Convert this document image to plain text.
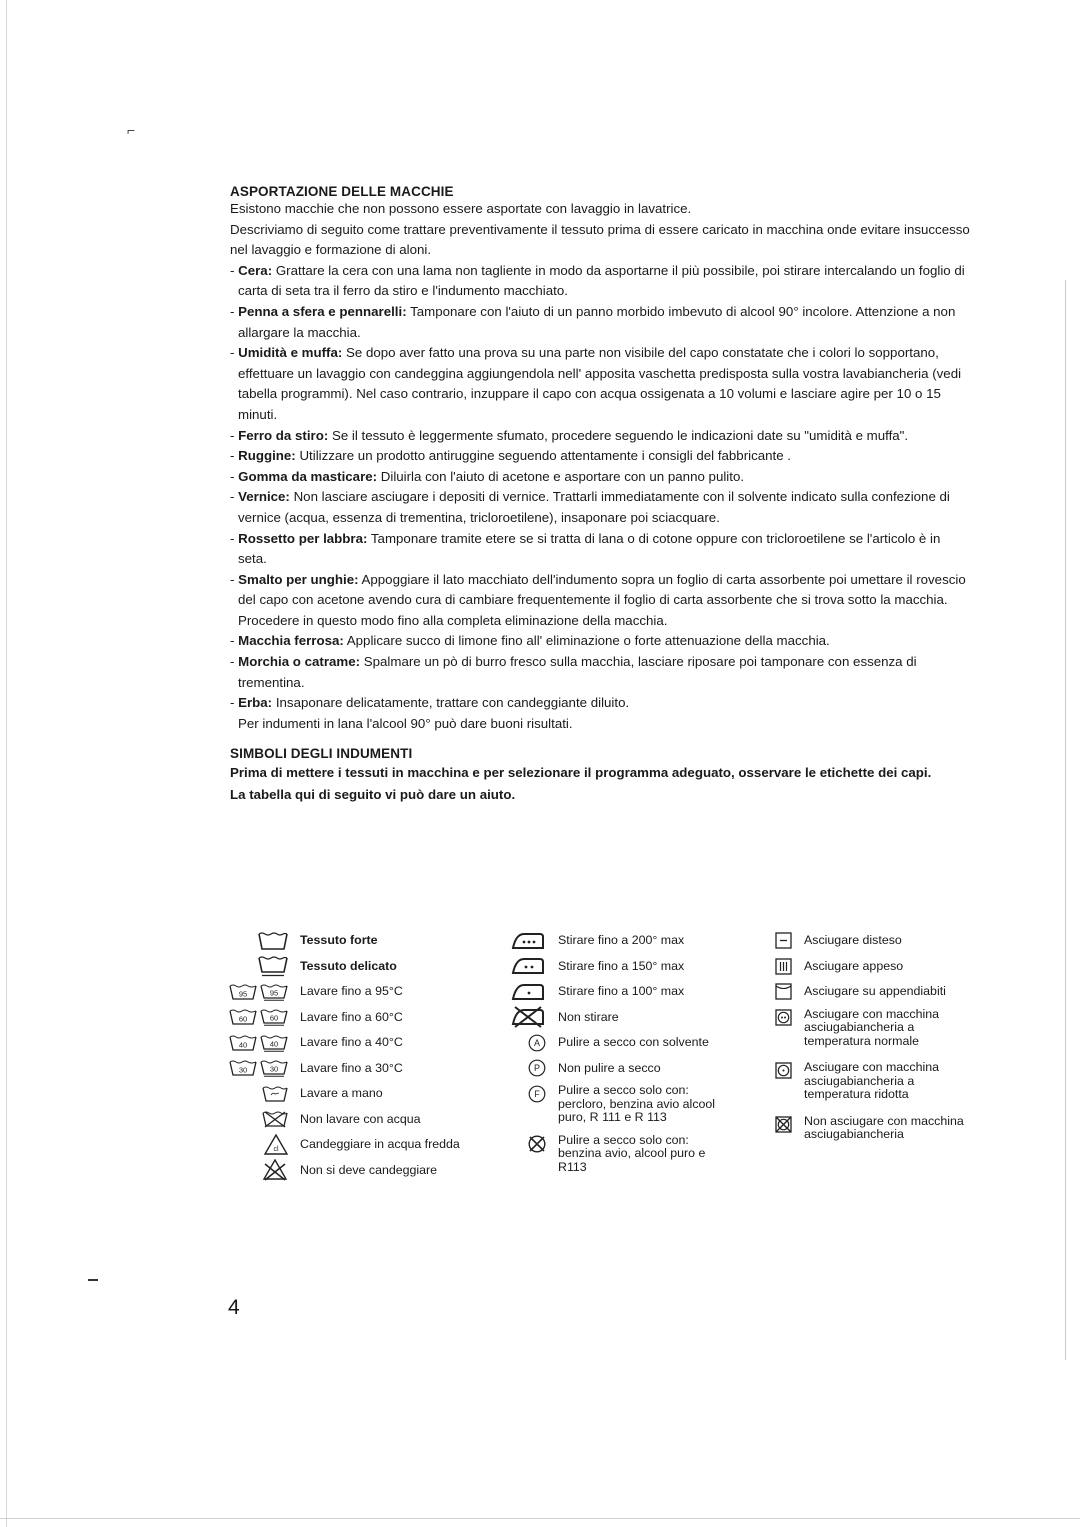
⌐
ASPORTAZIONE DELLE MACCHIE

Esistono macchie che non possono essere asportate con lavaggio in lavatrice.

Descriviamo di seguito come trattare preventivamente il tessuto prima di essere caricato in macchina onde evitare insuccesso nel lavaggio e formazione di aloni.

- Cera: Grattare la cera con una lama non tagliente in modo da asportarne il più possibile, poi stirare intercalando un foglio di carta di seta tra il ferro da stiro e l'indumento macchiato.
- Penna a sfera e pennarelli: Tamponare con l'aiuto di un panno morbido imbevuto di alcool 90° incolore. Attenzione a non allargare la macchia.
- Umidità e muffa: Se dopo aver fatto una prova su una parte non visibile del capo constatate che i colori lo sopportano, effettuare un lavaggio con candeggina aggiungendola nell' apposita vaschetta predisposta sulla vostra lavabiancheria (vedi tabella programmi). Nel caso contrario, inzuppare il capo con acqua ossigenata a 10 volumi e lasciare agire per 10 o 15 minuti.
- Ferro da stiro: Se il tessuto è leggermente sfumato, procedere seguendo le indicazioni date su "umidità e muffa".
- Ruggine: Utilizzare un prodotto antiruggine seguendo attentamente i consigli del fabbricante .
- Gomma da masticare: Diluirla con l'aiuto di acetone e asportare con un panno pulito.
- Vernice: Non lasciare asciugare i depositi di vernice. Trattarli immediatamente con il solvente indicato sulla confezione di vernice (acqua, essenza di trementina, tricloroetilene), insaponare poi sciacquare.
- Rossetto per labbra: Tamponare tramite etere se si tratta di lana o di cotone oppure con tricloroetilene se l'articolo è in seta.
- Smalto per unghie: Appoggiare il lato macchiato dell'indumento sopra un foglio di carta assorbente poi umettare il rovescio del capo con acetone avendo cura di cambiare frequentemente il foglio di carta assorbente che si trova sotto la macchia. Procedere in questo modo fino alla completa eliminazione della macchia.
- Macchia ferrosa: Applicare succo di limone fino all' eliminazione o forte attenuazione della macchia.
- Morchia o catrame: Spalmare un pò di burro fresco sulla macchia, lasciare riposare poi tamponare con essenza di trementina.
- Erba: Insaponare delicatamente, trattare con candeggiante diluito.

Per indumenti in lana l'alcool 90° può dare buoni risultati.

SIMBOLI DEGLI INDUMENTI

Prima di mettere i tessuti in macchina e per selezionare il programma adeguato, osservare le etichette dei capi.

La tabella qui di seguito vi può dare un aiuto.

Tessuto forte
Tessuto delicato
95	95	Lavare fino a 95°C
60	60	Lavare fino a 60°C
40	40	Lavare fino a 40°C
30	30	Lavare fino a 30°C
Lavare a mano
Non lavare con acqua
cl	Candeggiare in acqua fredda
Non si deve candeggiare
Stirare fino a 200° max
Stirare fino a 150° max
Stirare fino a 100° max
Non stirare
A	Pulire a secco con solvente
P	Non pulire a secco
F	Pulire a secco solo con: percloro, benzina avio alcool puro, R 111 e R 113
Pulire a secco solo con: benzina avio, alcool puro e R113
Asciugare disteso
Asciugare appeso
Asciugare su appendiabiti
Asciugare con macchina asciugabiancheria a temperatura normale
Asciugare con macchina asciugabiancheria a temperatura ridotta
Non asciugare con macchina asciugabiancheria
4
